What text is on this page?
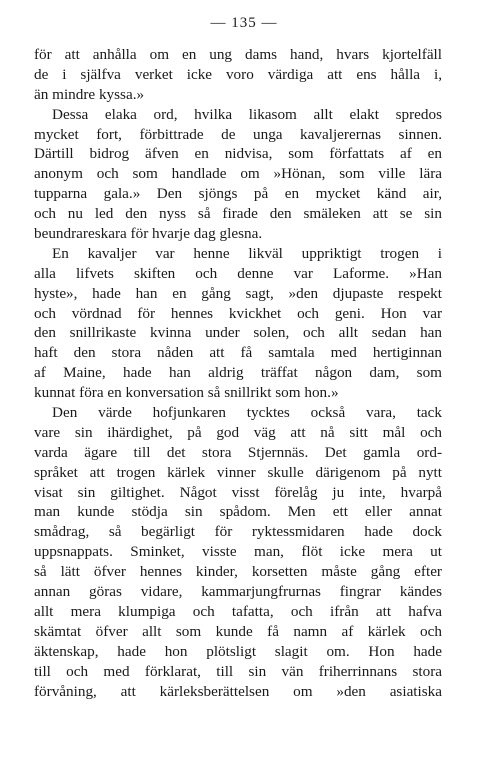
— 135 —
för att anhålla om en ung dams hand, hvars kjortelfäll
de i själfva verket icke voro värdiga att ens hålla i,
än mindre kyssa.»
Dessa elaka ord, hvilka likasom allt elakt spredos
mycket fort, förbittrade de unga kavaljerernas sinnen.
Därtill bidrog äfven en nidvisa, som författats af en
anonym och som handlade om »Hönan, som ville lära
tupparna gala.» Den sjöngs på en mycket känd air,
och nu led den nyss så firade den smäleken att se sin
beundrareskara för hvarje dag glesna.
En kavaljer var henne likväl uppriktigt trogen i
alla lifvets skiften och denne var Laforme. »Han
hyste», hade han en gång sagt, »den djupaste respekt
och vördnad för hennes kvickhet och geni. Hon var
den snillrikaste kvinna under solen, och allt sedan han
haft den stora nåden att få samtala med hertiginnan
af Maine, hade han aldrig träffat någon dam, som
kunnat föra en konversation så snillrikt som hon.»
Den värde hofjunkaren tycktes också vara, tack
vare sin ihärdighet, på god väg att nå sitt mål och
varda ägare till det stora Stjernnäs. Det gamla ord-
språket att trogen kärlek vinner skulle därigenom på nytt
visat sin giltighet. Något visst förelåg ju inte, hvarpå
man kunde stödja sin spådom. Men ett eller annat
smådrag, så begärligt för ryktessmidaren hade dock
uppsnappats. Sminket, visste man, flöt icke mera ut
så lätt öfver hennes kinder, korsetten måste gång efter
annan göras vidare, kammarjungfrurnas fingrar kändes
allt mera klumpiga och tafatta, och ifrån att hafva
skämtat öfver allt som kunde få namn af kärlek och
äktenskap, hade hon plötsligt slagit om. Hon hade
till och med förklarat, till sin vän friherrinnans stora
förvåning, att kärleksberättelsen om »den asiatiska
